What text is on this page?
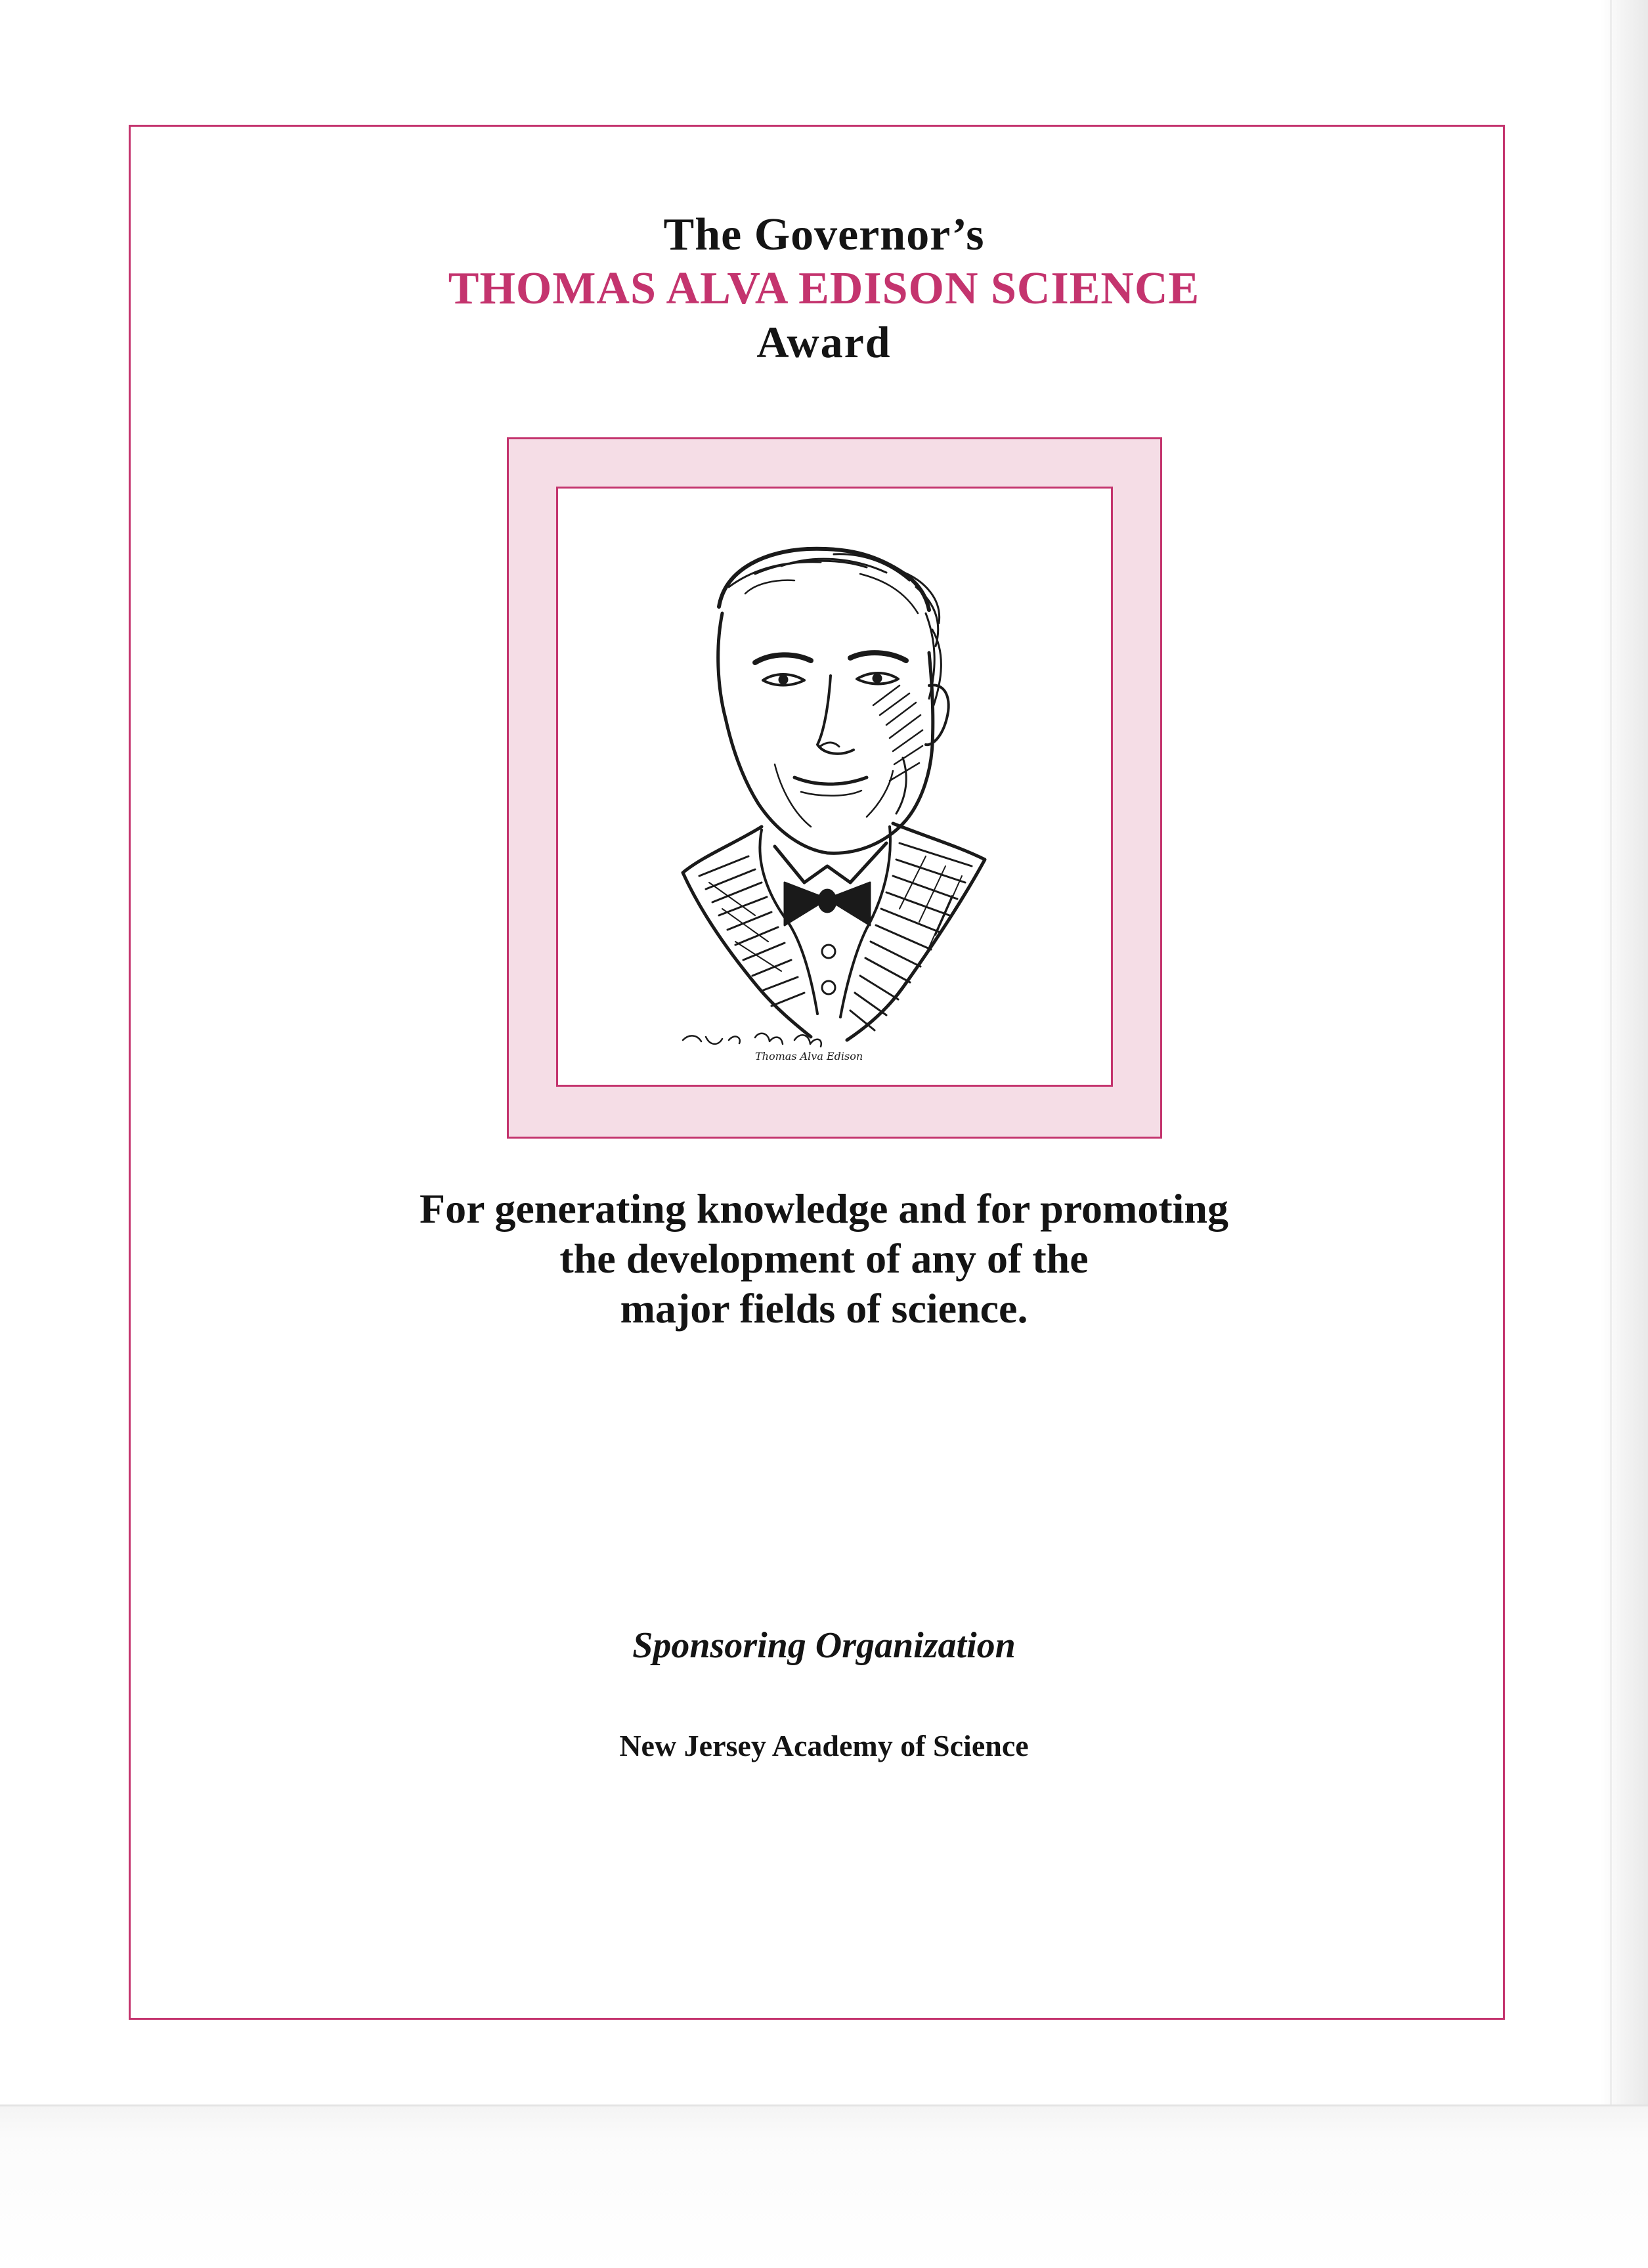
The Governor’s
THOMAS ALVA EDISON SCIENCE
Award
Thomas Alva Edison

For generating knowledge and for promoting

the development of any of the

major fields of science.

Sponsoring Organization

New Jersey Academy of Science
